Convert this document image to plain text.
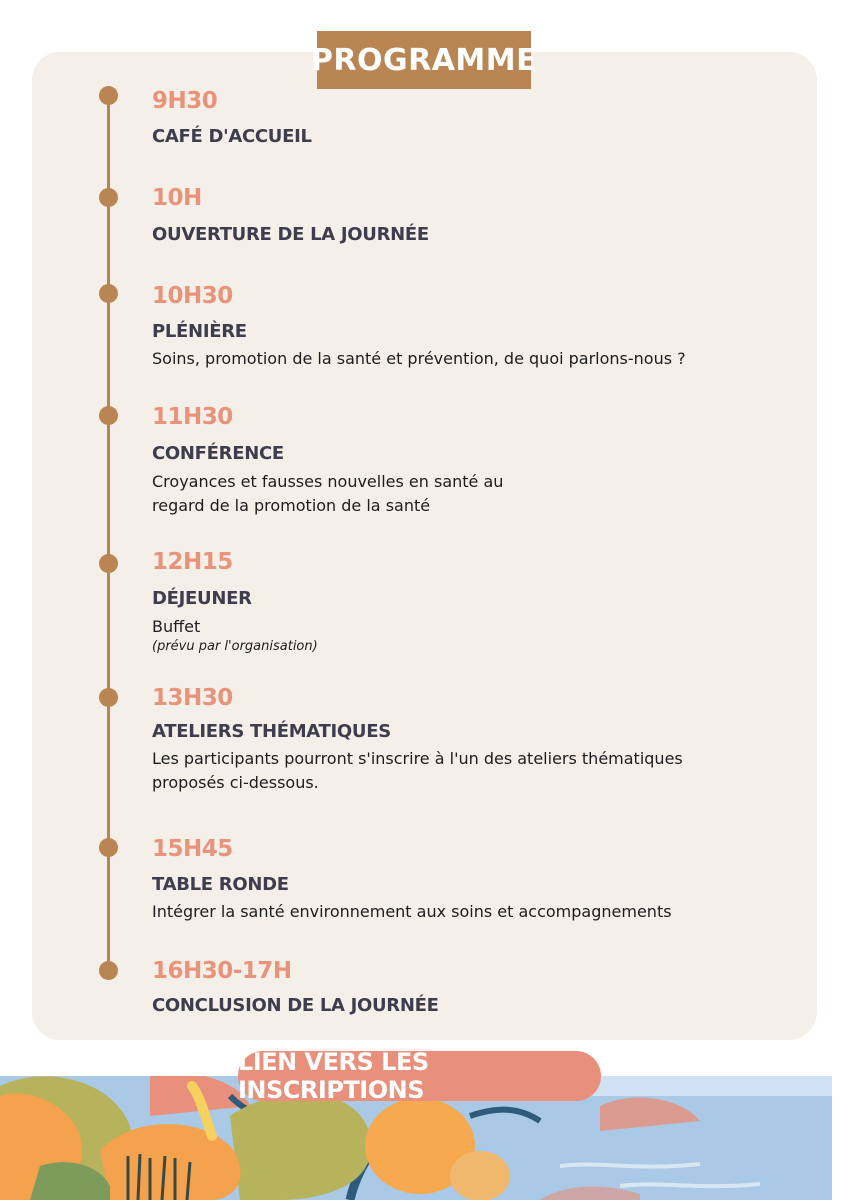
PROGRAMME
9H30
CAFÉ D'ACCUEIL
10H
OUVERTURE DE LA JOURNÉE
10H30
PLÉNIÈRE
Soins, promotion de la santé et prévention, de quoi parlons-nous ?
11H30
CONFÉRENCE
Croyances et fausses nouvelles en santé au
regard de la promotion de la santé
12H15
DÉJEUNER
Buffet
(prévu par l'organisation)
13H30
ATELIERS THÉMATIQUES
Les participants pourront s'inscrire à l'un des ateliers thématiques
proposés ci-dessous.
15H45
TABLE RONDE
Intégrer la santé environnement aux soins et accompagnements
16H30-17H
CONCLUSION DE LA JOURNÉE
LIEN VERS LES INSCRIPTIONS
